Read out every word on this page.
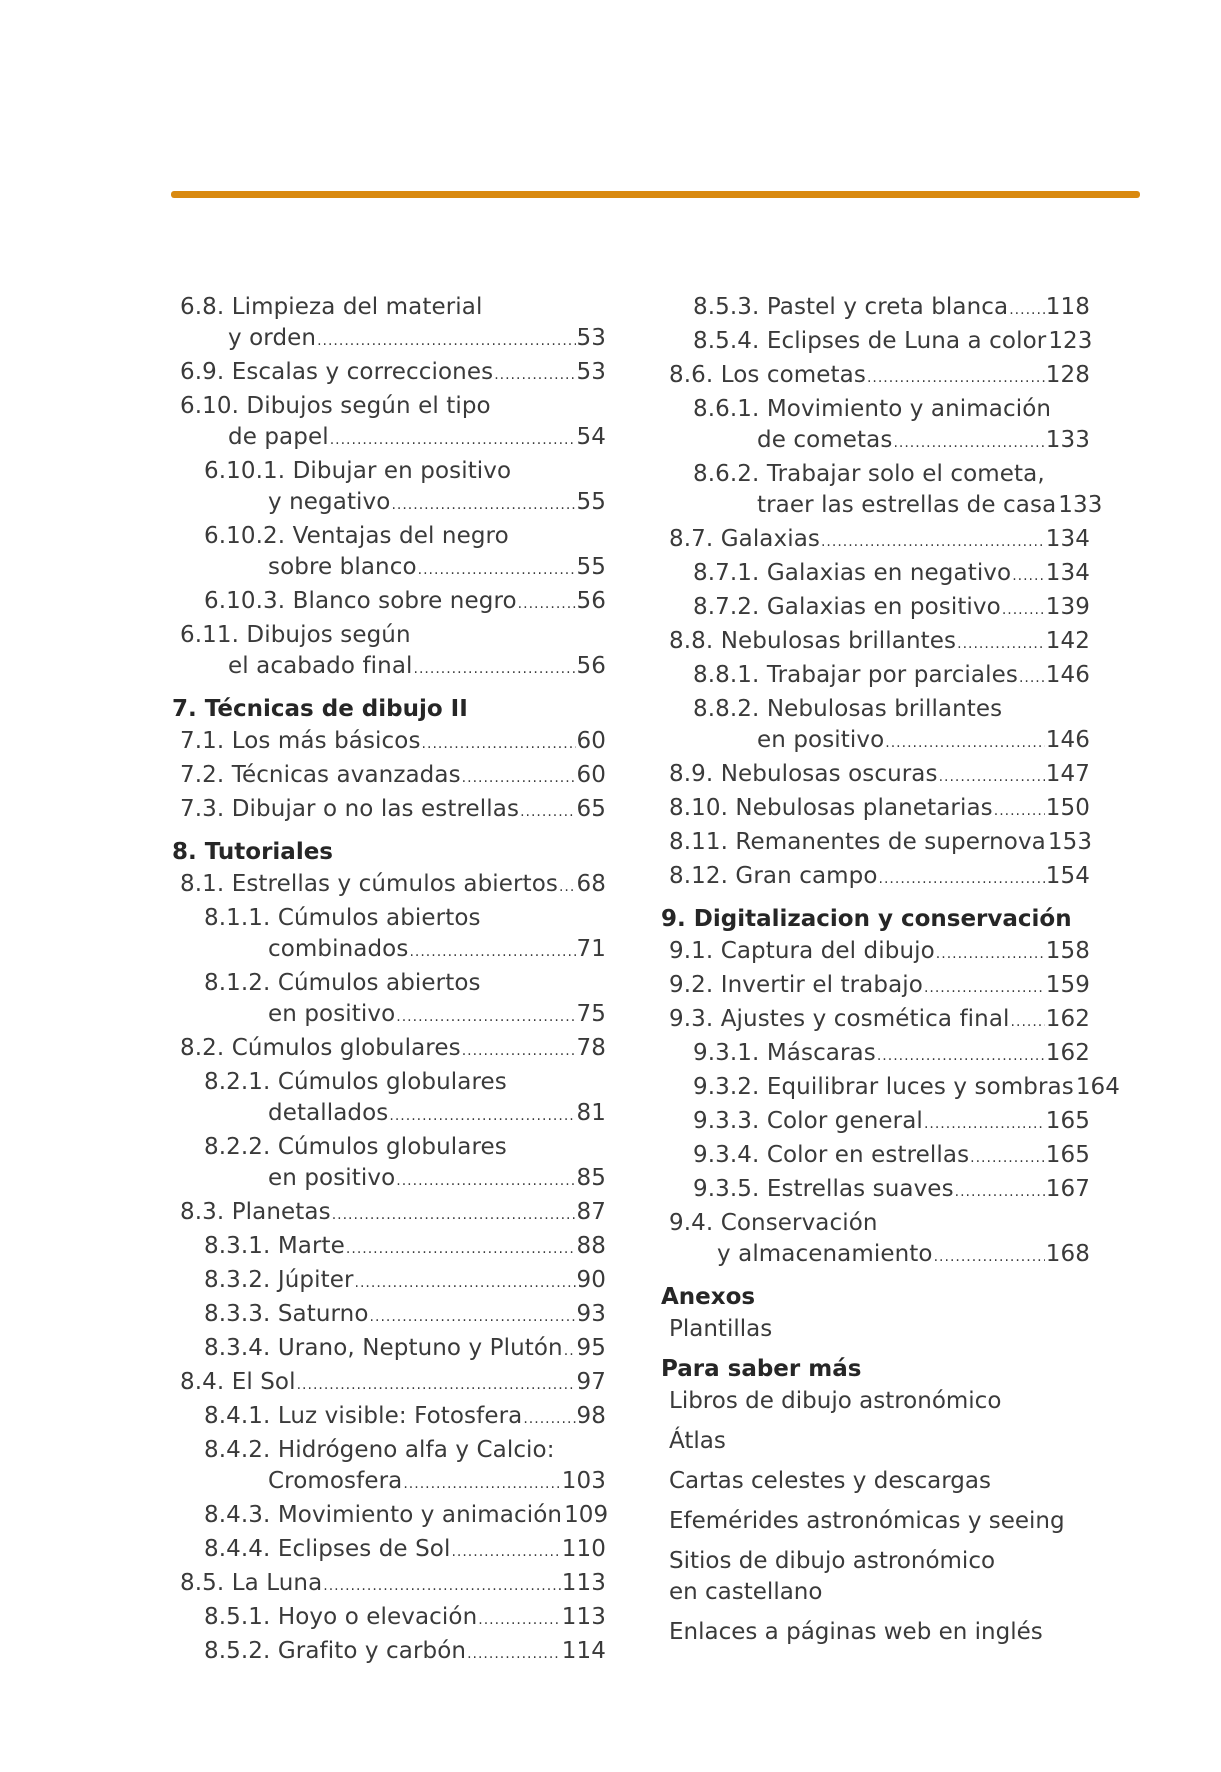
6.8. Limpieza del material
y orden .....	53
6.9. Escalas y correcciones .....	53
6.10. Dibujos según el tipo
de papel .....	54
6.10.1. Dibujar en positivo
y negativo .....	55
6.10.2. Ventajas del negro
sobre blanco .....	55
6.10.3. Blanco sobre negro .....	56
6.11. Dibujos según
el acabado final .....	56
7. Técnicas de dibujo II
7.1. Los más básicos .....	60
7.2. Técnicas avanzadas .....	60
7.3. Dibujar o no las estrellas ..... 65
8. Tutoriales
8.1. Estrellas y cúmulos abiertos ..... 68
8.1.1. Cúmulos abiertos
combinados .....	71
8.1.2. Cúmulos abiertos
en positivo .....	75
8.2. Cúmulos globulares .....	78
8.2.1. Cúmulos globulares
detallados .....	81
8.2.2. Cúmulos globulares
en positivo .....	85
8.3. Planetas .....	87
8.3.1. Marte .....	88
8.3.2. Júpiter .....	90
8.3.3. Saturno .....	93
8.3.4. Urano, Neptuno y Plutón ..... 95
8.4. El Sol .....	97
8.4.1. Luz visible: Fotosfera ..... 98
8.4.2. Hidrógeno alfa y Calcio:
Cromosfera .....	103
8.4.3. Movimiento y animación 109
8.4.4. Eclipses de Sol .....	110
8.5. La Luna .....	113
8.5.1. Hoyo o elevación .....	113
8.5.2. Grafito y carbón .....	114
8.5.3. Pastel y creta blanca ..... 118
8.5.4. Eclipses de Luna a color 123
8.6. Los cometas .....	128
8.6.1. Movimiento y animación
de cometas .....	133
8.6.2. Trabajar solo el cometa,
traer las estrellas de casa 133
8.7. Galaxias .....	134
8.7.1. Galaxias en negativo ..... 134
8.7.2. Galaxias en positivo ..... 139
8.8. Nebulosas brillantes .....	142
8.8.1. Trabajar por parciales ..... 146
8.8.2. Nebulosas brillantes
en positivo .....	146
8.9. Nebulosas oscuras .....	147
8.10. Nebulosas planetarias ..... 150
8.11. Remanentes de supernova 153
8.12. Gran campo .....	154
9. Digitalizacion y conservación
9.1. Captura del dibujo .....	158
9.2. Invertir el trabajo .....	159
9.3. Ajustes y cosmética final ..... 162
9.3.1. Máscaras .....	162
9.3.2. Equilibrar luces y sombras 164
9.3.3. Color general .....	165
9.3.4. Color en estrellas .....	165
9.3.5. Estrellas suaves .....	167
9.4. Conservación
y almacenamiento .....	168
Anexos
Plantillas
Para saber más
Libros de dibujo astronómico
Átlas
Cartas celestes y descargas
Efemérides astronómicas y seeing
Sitios de dibujo astronómico
en castellano
Enlaces a páginas web en inglés
